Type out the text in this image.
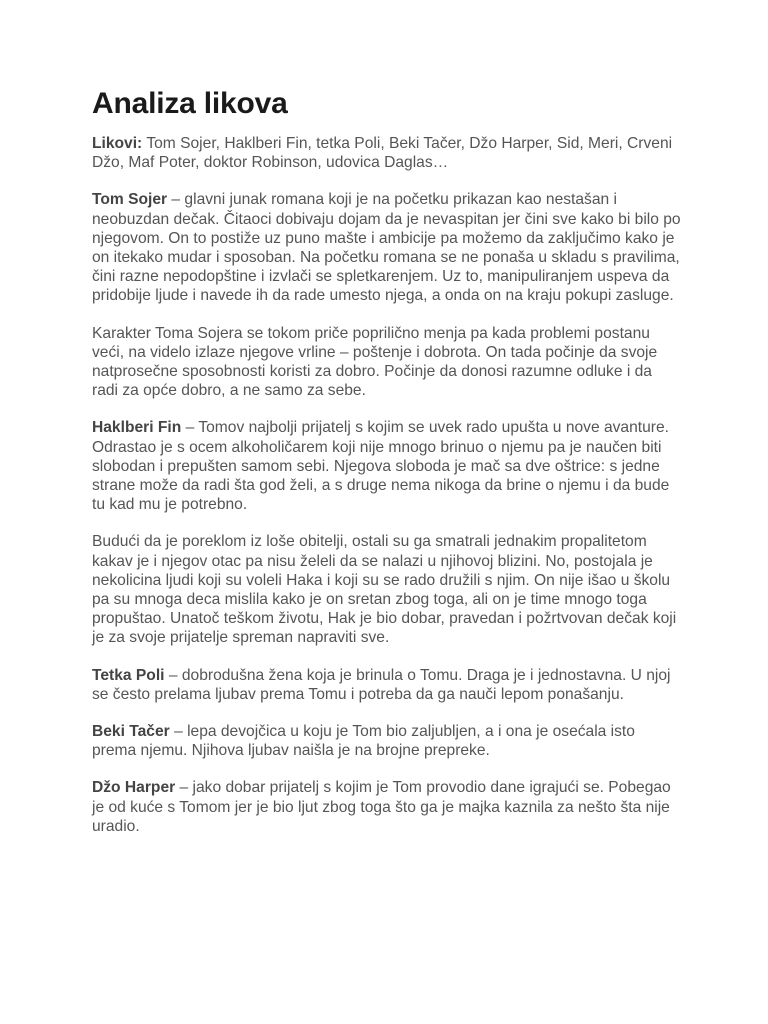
Analiza likova

Likovi: Tom Sojer, Haklberi Fin, tetka Poli, Beki Tačer, Džo Harper, Sid, Meri, Crveni Džo, Maf Poter, doktor Robinson, udovica Daglas…

Tom Sojer – glavni junak romana koji je na početku prikazan kao nestašan i neobuzdan dečak. Čitaoci dobivaju dojam da je nevaspitan jer čini sve kako bi bilo po njegovom. On to postiže uz puno mašte i ambicije pa možemo da zaključimo kako je on itekako mudar i sposoban. Na početku romana se ne ponaša u skladu s pravilima, čini razne nepodopštine i izvlači se spletkarenjem. Uz to, manipuliranjem uspeva da pridobije ljude i navede ih da rade umesto njega, a onda on na kraju pokupi zasluge.

Karakter Toma Sojera se tokom priče poprilično menja pa kada problemi postanu veći, na videlo izlaze njegove vrline – poštenje i dobrota. On tada počinje da svoje natprosečne sposobnosti koristi za dobro. Počinje da donosi razumne odluke i da radi za opće dobro, a ne samo za sebe.

Haklberi Fin – Tomov najbolji prijatelj s kojim se uvek rado upušta u nove avanture. Odrastao je s ocem alkoholičarem koji nije mnogo brinuo o njemu pa je naučen biti slobodan i prepušten samom sebi. Njegova sloboda je mač sa dve oštrice: s jedne strane može da radi šta god želi, a s druge nema nikoga da brine o njemu i da bude tu kad mu je potrebno.

Budući da je poreklom iz loše obitelji, ostali su ga smatrali jednakim propalitetom kakav je i njegov otac pa nisu želeli da se nalazi u njihovoj blizini. No, postojala je nekolicina ljudi koji su voleli Haka i koji su se rado družili s njim. On nije išao u školu pa su mnoga deca mislila kako je on sretan zbog toga, ali on je time mnogo toga propuštao. Unatoč teškom životu, Hak je bio dobar, pravedan i požrtvovan dečak koji je za svoje prijatelje spreman napraviti sve.

Tetka Poli – dobrodušna žena koja je brinula o Tomu. Draga je i jednostavna. U njoj se često prelama ljubav prema Tomu i potreba da ga nauči lepom ponašanju.

Beki Tačer – lepa devojčica u koju je Tom bio zaljubljen, a i ona je osećala isto prema njemu. Njihova ljubav naišla je na brojne prepreke.

Džo Harper – jako dobar prijatelj s kojim je Tom provodio dane igrajući se. Pobegao je od kuće s Tomom jer je bio ljut zbog toga što ga je majka kaznila za nešto šta nije uradio.
